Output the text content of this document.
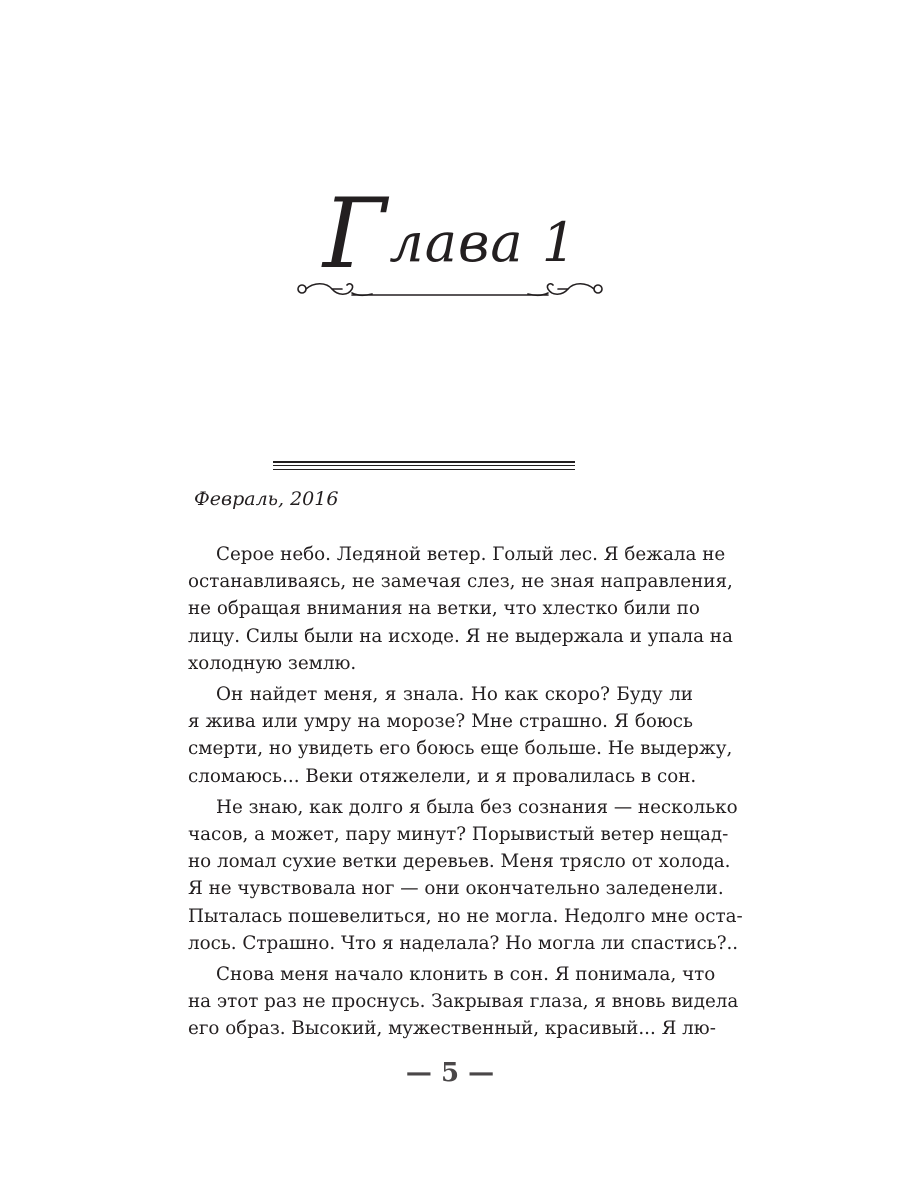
Глава 1
Февраль, 2016

Серое небо. Ледяной ветер. Голый лес. Я бежала не
останавливаясь, не замечая слез, не зная направления,
не обращая внимания на ветки, что хлестко били по
лицу. Силы были на исходе. Я не выдержала и упала на
холодную землю.

Он найдет меня, я знала. Но как скоро? Буду ли
я жива или умру на морозе? Мне страшно. Я боюсь
смерти, но увидеть его боюсь еще больше. Не выдержу,
сломаюсь... Веки отяжелели, и я провалилась в сон.

Не знаю, как долго я была без сознания — несколько
часов, а может, пару минут? Порывистый ветер нещад-
но ломал сухие ветки деревьев. Меня трясло от холода.
Я не чувствовала ног — они окончательно заледенели.
Пыталась пошевелиться, но не могла. Недолго мне оста-
лось. Страшно. Что я наделала? Но могла ли спастись?..

Снова меня начало клонить в сон. Я понимала, что
на этот раз не проснусь. Закрывая глаза, я вновь видела
его образ. Высокий, мужественный, красивый... Я лю-

— 5 —
